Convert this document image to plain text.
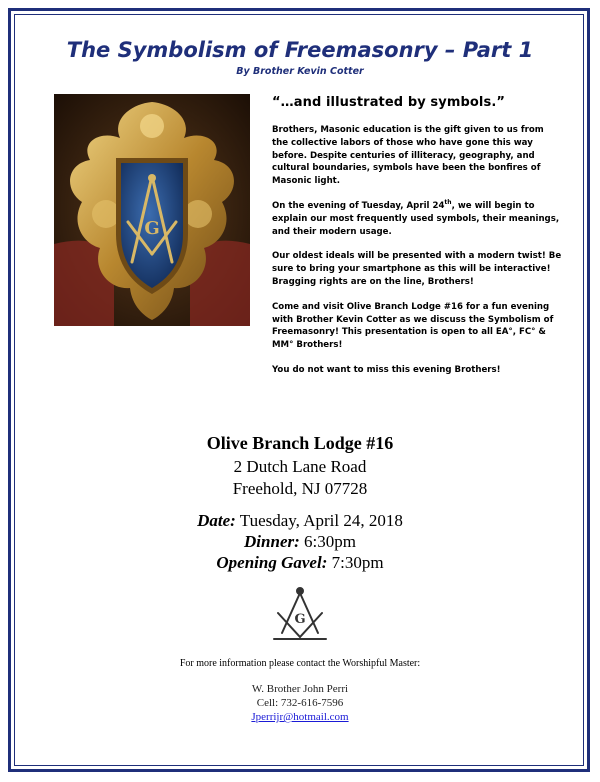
The Symbolism of Freemasonry – Part 1
By Brother Kevin Cotter
G

“…and illustrated by symbols.”

Brothers, Masonic education is the gift given to us from the collective labors of those who have gone this way before. Despite centuries of illiteracy, geography, and cultural boundaries, symbols have been the bonfires of Masonic light.

On the evening of Tuesday, April 24th, we will begin to explain our most frequently used symbols, their meanings, and their modern usage.

Our oldest ideals will be presented with a modern twist! Be sure to bring your smartphone as this will be interactive! Bragging rights are on the line, Brothers!

Come and visit Olive Branch Lodge #16 for a fun evening with Brother Kevin Cotter as we discuss the Symbolism of Freemasonry! This presentation is open to all EA°, FC° & MM° Brothers!

You do not want to miss this evening Brothers!

Olive Branch Lodge #16
2 Dutch Lane Road
Freehold, NJ 07728
Date: Tuesday, April 24, 2018
Dinner: 6:30pm
Opening Gavel: 7:30pm
G
For more information please contact the Worshipful Master:
W. Brother John Perri
Cell: 732-616-7596
Jperrijr@hotmail.com
